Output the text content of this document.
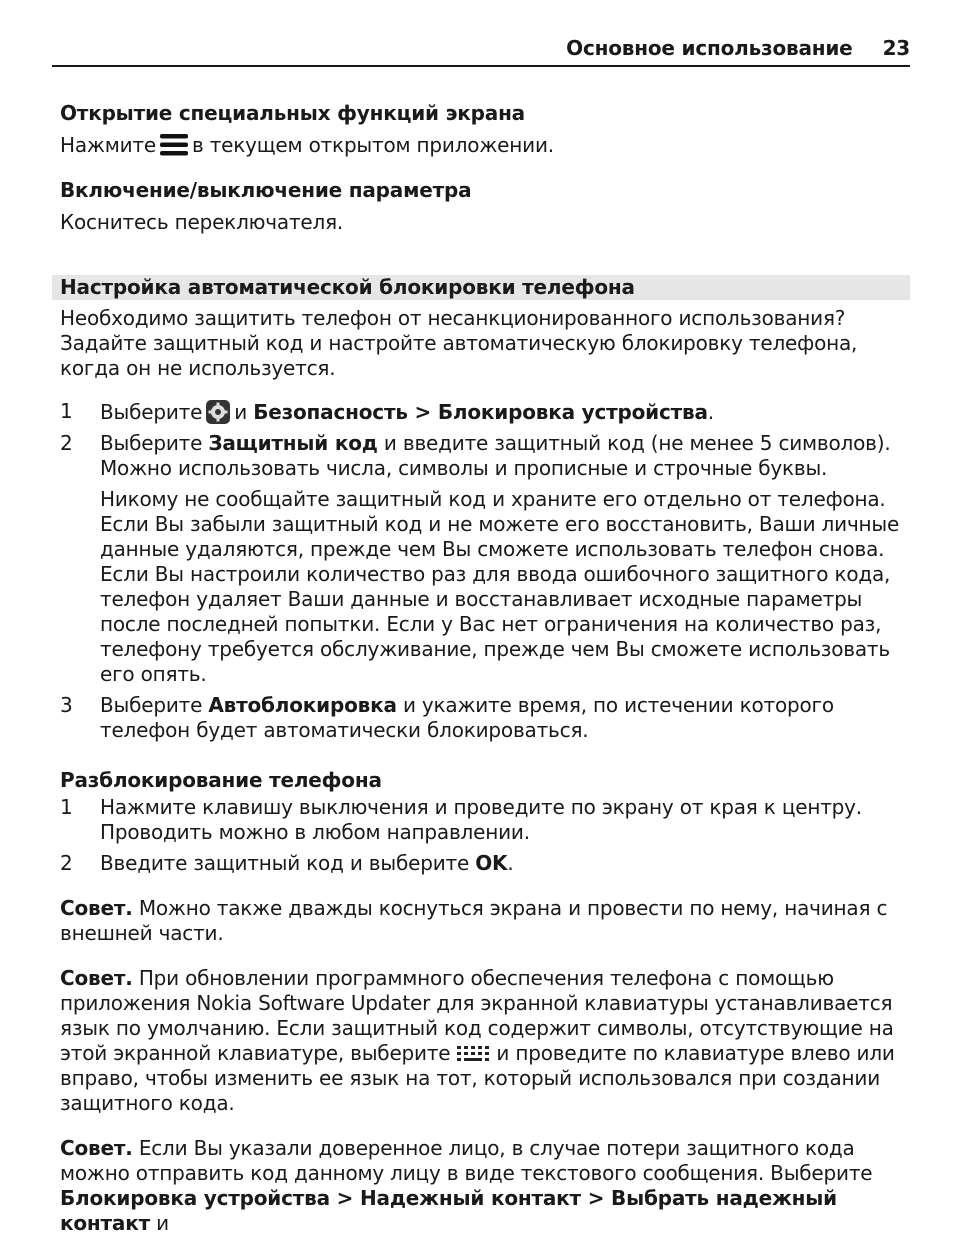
Основное использование 23

Открытие специальных функций экрана

Нажмите в текущем открытом приложении.

Включение/выключение параметра

Коснитесь переключателя.

Настройка автоматической блокировки телефона

Необходимо защитить телефон от несанкционированного использования? Задайте защитный код и настройте автоматическую блокировку телефона, когда он не используется.

1	Выберите и Безопасность > Блокировка устройства.
2	Выберите Защитный код и введите защитный код (не менее 5 символов). Можно использовать числа, символы и прописные и строчные буквы.

Никому не сообщайте защитный код и храните его отдельно от телефона. Если Вы забыли защитный код и не можете его восстановить, Ваши личные данные удаляются, прежде чем Вы сможете использовать телефон снова. Если Вы настроили количество раз для ввода ошибочного защитного кода, телефон удаляет Ваши данные и восстанавливает исходные параметры после последней попытки. Если у Вас нет ограничения на количество раз, телефону требуется обслуживание, прежде чем Вы сможете использовать его опять.

3	Выберите Автоблокировка и укажите время, по истечении которого телефон будет автоматически блокироваться.

Разблокирование телефона

1	Нажмите клавишу выключения и проведите по экрану от края к центру. Проводить можно в любом направлении.
2	Введите защитный код и выберите OK.

Совет. Можно также дважды коснуться экрана и провести по нему, начиная с внешней части.

Совет. При обновлении программного обеспечения телефона с помощью приложения Nokia Software Updater для экранной клавиатуры устанавливается язык по умолчанию. Если защитный код содержит символы, отсутствующие на этой экранной клавиатуре, выберите и проведите по клавиатуре влево или вправо, чтобы изменить ее язык на тот, который использовался при создании защитного кода.

Совет. Если Вы указали доверенное лицо, в случае потери защитного кода можно отправить код данному лицу в виде текстового сообщения. Выберите Блокировка устройства > Надежный контакт > Выбрать надежный контакт и
